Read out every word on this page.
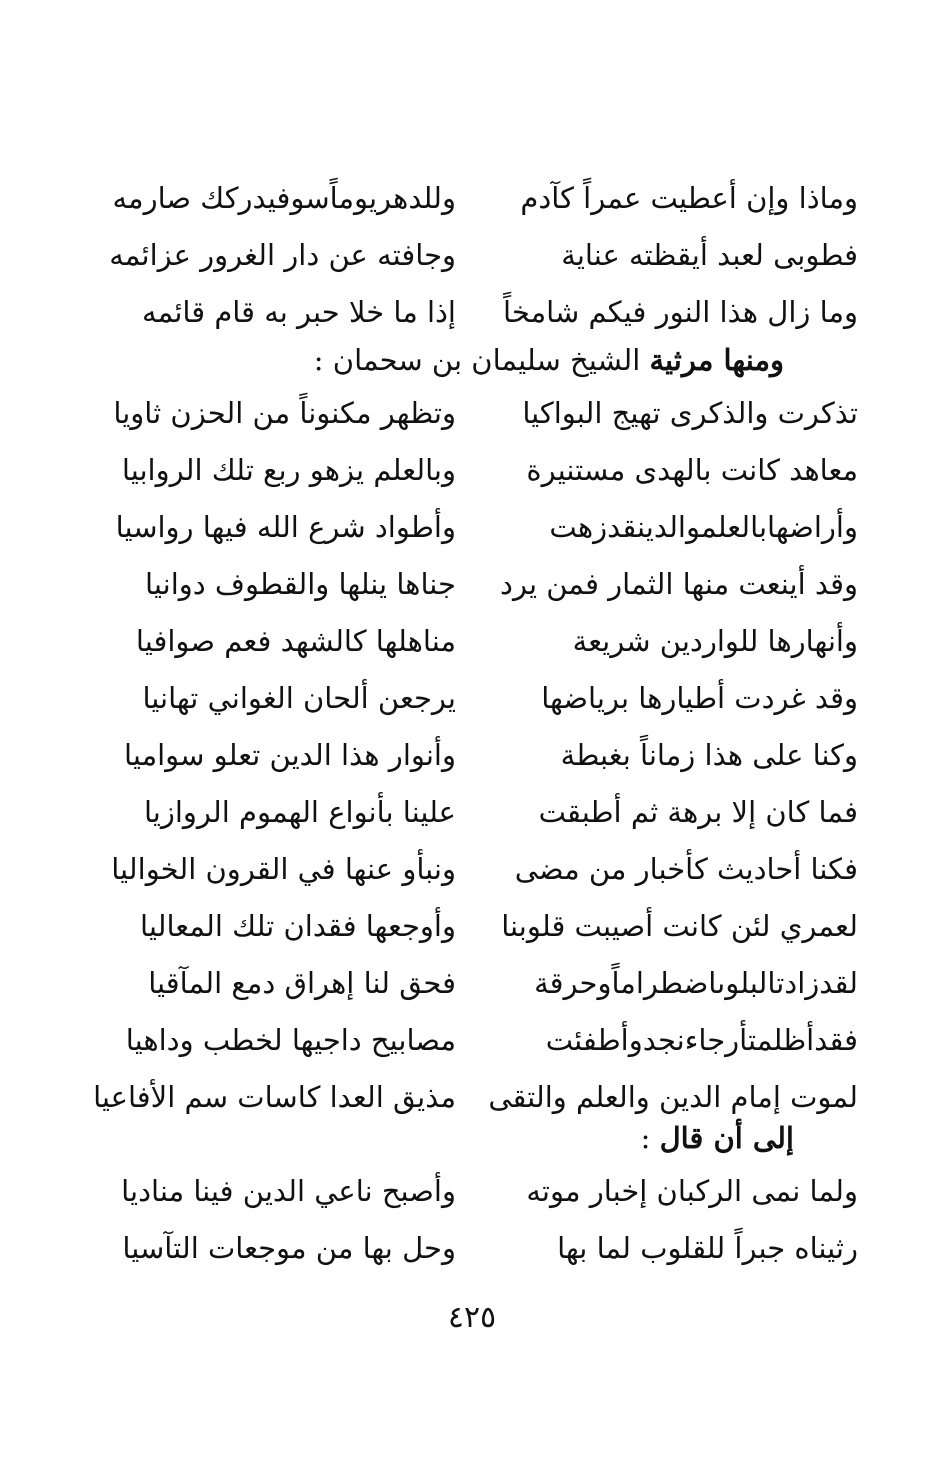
وماذا وإن أعطيت عمراً كآدم
وللدهريوماًسوفيدركك صارمه
فطوبى لعبد أيقظته عناية
وجافته عن دار الغرور عزائمه
وما زال هذا النور فيكم شامخاً
إذا ما خلا حبر به قام قائمه
ومنها مرثية الشيخ سليمان بن سحمان :
تذكرت والذكرى تهيج البواكيا
وتظهر مكنوناً من الحزن ثاويا
معاهد كانت بالهدى مستنيرة
وبالعلم يزهو ربع تلك الروابيا
وأراضهابالعلموالدينقدزهت
وأطواد شرع الله فيها رواسيا
وقد أينعت منها الثمار فمن يرد
جناها ينلها والقطوف دوانيا
وأنهارها للواردين شريعة
مناهلها كالشهد فعم صوافيا
وقد غردت أطيارها برياضها
يرجعن ألحان الغواني تهانيا
وكنا على هذا زماناً بغبطة
وأنوار هذا الدين تعلو سواميا
فما كان إلا برهة ثم أطبقت
علينا بأنواع الهموم الروازيا
فكنا أحاديث كأخبار من مضى
ونبأو عنها في القرون الخواليا
لعمري لئن كانت أصيبت قلوبنا
وأوجعها فقدان تلك المعاليا
لقدزادتالبلوىاضطراماًوحرقة
فحق لنا إهراق دمع المآقيا
فقدأظلمتأرجاءنجدوأطفئت
مصابيح داجيها لخطب وداهيا
لموت إمام الدين والعلم والتقى
مذيق العدا كاسات سم الأفاعيا
إلى أن قال :
ولما نمى الركبان إخبار موته
وأصبح ناعي الدين فينا مناديا
رثيناه جبراً للقلوب لما بها
وحل بها من موجعات التآسيا
٤٢٥
